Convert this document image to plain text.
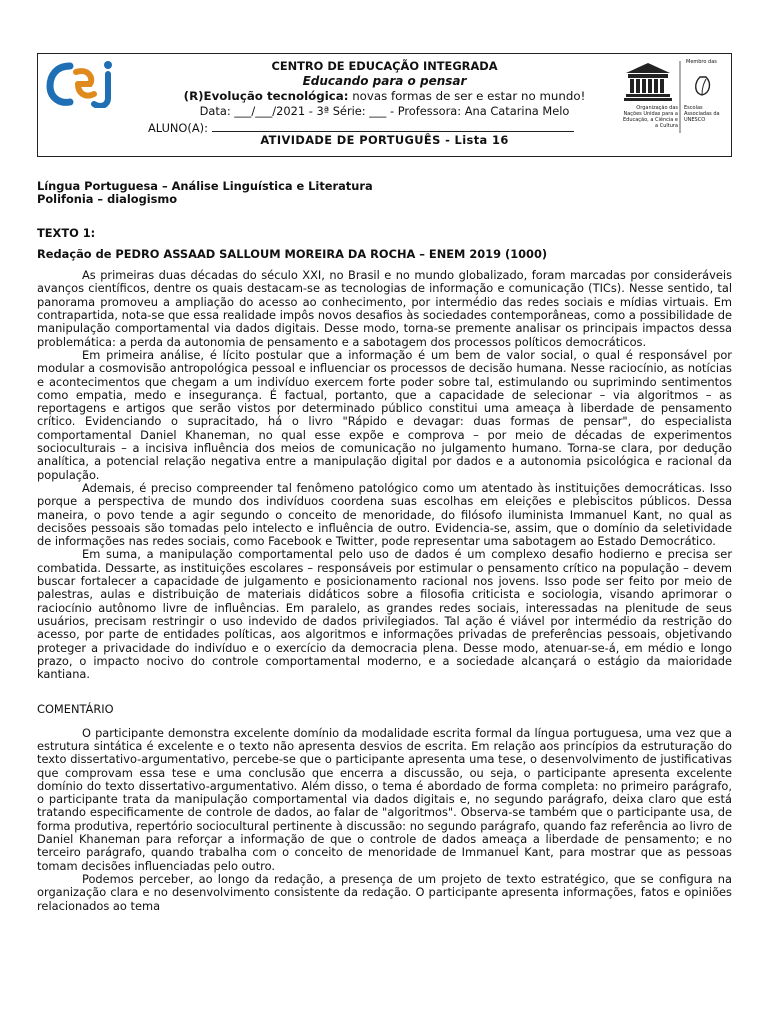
CENTRO DE EDUCAÇÃO INTEGRADA
Educando para o pensar
(R)Evolução tecnológica: novas formas de ser e estar no mundo!
Data: ___/___/2021 - 3ª Série: ___ - Professora: Ana Catarina Melo
ALUNO(A):
ATIVIDADE DE PORTUGUÊS - Lista 16
Membro das
Organização das Nações Unidas para a Educação, a Ciência e a Cultura
Escolas Associadas da UNESCO
Língua Portuguesa – Análise Linguística e Literatura
Polifonia – dialogismo
TEXTO 1:
Redação de PEDRO ASSAAD SALLOUM MOREIRA DA ROCHA – ENEM 2019 (1000)

As primeiras duas décadas do século XXI, no Brasil e no mundo globalizado, foram marcadas por consideráveis avanços científicos, dentre os quais destacam-se as tecnologias de informação e comunicação (TICs). Nesse sentido, tal panorama promoveu a ampliação do acesso ao conhecimento, por intermédio das redes sociais e mídias virtuais. Em contrapartida, nota-se que essa realidade impôs novos desafios às sociedades contemporâneas, como a possibilidade de manipulação comportamental via dados digitais. Desse modo, torna-se premente analisar os principais impactos dessa problemática: a perda da autonomia de pensamento e a sabotagem dos processos políticos democráticos.

Em primeira análise, é lícito postular que a informação é um bem de valor social, o qual é responsável por modular a cosmovisão antropológica pessoal e influenciar os processos de decisão humana. Nesse raciocínio, as notícias e acontecimentos que chegam a um indivíduo exercem forte poder sobre tal, estimulando ou suprimindo sentimentos como empatia, medo e insegurança. É factual, portanto, que a capacidade de selecionar – via algoritmos – as reportagens e artigos que serão vistos por determinado público constitui uma ameaça à liberdade de pensamento crítico. Evidenciando o supracitado, há o livro "Rápido e devagar: duas formas de pensar", do especialista comportamental Daniel Khaneman, no qual esse expõe e comprova – por meio de décadas de experimentos socioculturais – a incisiva influência dos meios de comunicação no julgamento humano. Torna-se clara, por dedução analítica, a potencial relação negativa entre a manipulação digital por dados e a autonomia psicológica e racional da população.

Ademais, é preciso compreender tal fenômeno patológico como um atentado às instituições democráticas. Isso porque a perspectiva de mundo dos indivíduos coordena suas escolhas em eleições e plebiscitos públicos. Dessa maneira, o povo tende a agir segundo o conceito de menoridade, do filósofo iluminista Immanuel Kant, no qual as decisões pessoais são tomadas pelo intelecto e influência de outro. Evidencia-se, assim, que o domínio da seletividade de informações nas redes sociais, como Facebook e Twitter, pode representar uma sabotagem ao Estado Democrático.

Em suma, a manipulação comportamental pelo uso de dados é um complexo desafio hodierno e precisa ser combatida. Dessarte, as instituições escolares – responsáveis por estimular o pensamento crítico na população – devem buscar fortalecer a capacidade de julgamento e posicionamento racional nos jovens. Isso pode ser feito por meio de palestras, aulas e distribuição de materiais didáticos sobre a filosofia criticista e sociologia, visando aprimorar o raciocínio autônomo livre de influências. Em paralelo, as grandes redes sociais, interessadas na plenitude de seus usuários, precisam restringir o uso indevido de dados privilegiados. Tal ação é viável por intermédio da restrição do acesso, por parte de entidades políticas, aos algoritmos e informações privadas de preferências pessoais, objetivando proteger a privacidade do indivíduo e o exercício da democracia plena. Desse modo, atenuar-se-á, em médio e longo prazo, o impacto nocivo do controle comportamental moderno, e a sociedade alcançará o estágio da maioridade kantiana.

COMENTÁRIO

O participante demonstra excelente domínio da modalidade escrita formal da língua portuguesa, uma vez que a estrutura sintática é excelente e o texto não apresenta desvios de escrita. Em relação aos princípios da estruturação do texto dissertativo-argumentativo, percebe-se que o participante apresenta uma tese, o desenvolvimento de justificativas que comprovam essa tese e uma conclusão que encerra a discussão, ou seja, o participante apresenta excelente domínio do texto dissertativo-argumentativo. Além disso, o tema é abordado de forma completa: no primeiro parágrafo, o participante trata da manipulação comportamental via dados digitais e, no segundo parágrafo, deixa claro que está tratando especificamente de controle de dados, ao falar de "algoritmos". Observa-se também que o participante usa, de forma produtiva, repertório sociocultural pertinente à discussão: no segundo parágrafo, quando faz referência ao livro de Daniel Khaneman para reforçar a informação de que o controle de dados ameaça a liberdade de pensamento; e no terceiro parágrafo, quando trabalha com o conceito de menoridade de Immanuel Kant, para mostrar que as pessoas tomam decisões influenciadas pelo outro.

Podemos perceber, ao longo da redação, a presença de um projeto de texto estratégico, que se configura na organização clara e no desenvolvimento consistente da redação. O participante apresenta informações, fatos e opiniões relacionados ao tema
